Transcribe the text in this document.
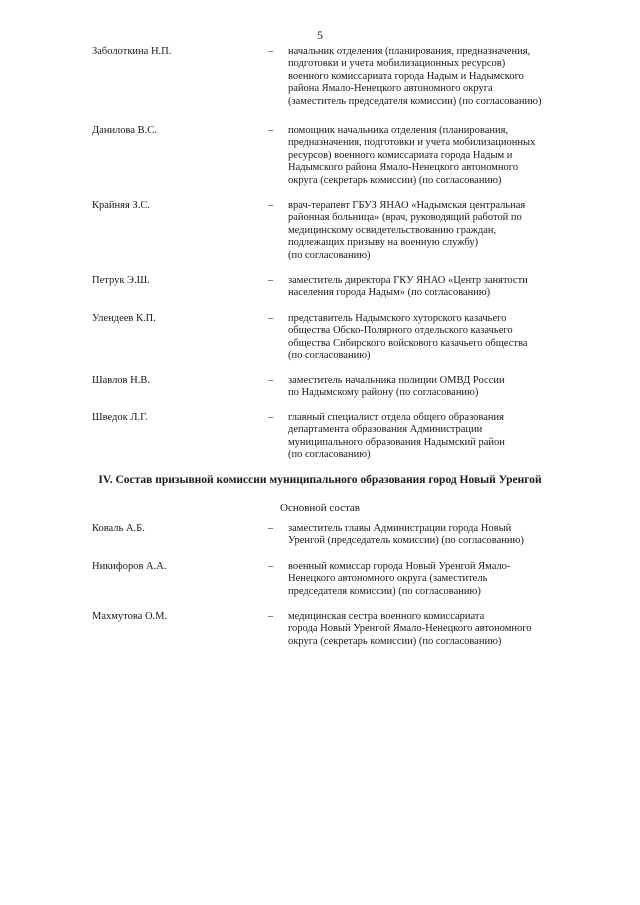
5
Заболоткина Н.П.	–	начальник отделения (планирования, предназначения,
подготовки и учета мобилизационных ресурсов)
военного комиссариата города Надым и Надымского
района Ямало-Ненецкого автономного округа
(заместитель председателя комиссии) (по согласованию)
Данилова В.С.	–	помощник начальника отделения (планирования,
предназначения, подготовки и учета мобилизационных
ресурсов) военного комиссариата города Надым и
Надымского района Ямало-Ненецкого автономного
округа (секретарь комиссии) (по согласованию)
Крайняя З.С.	–	врач-терапевт ГБУЗ ЯНАО «Надымская центральная
районная больница» (врач, руководящий работой по
медицинскому освидетельствованию граждан,
подлежащих призыву на военную службу)
(по согласованию)
Петрук Э.Ш.	–	заместитель директора ГКУ ЯНАО «Центр занятости
населения города Надым» (по согласованию)
Улендеев К.П.	–	представитель Надымского хуторского казачьего
общества Обско-Полярного отдельского казачьего
общества Сибирского войскового казачьего общества
(по согласованию)
Шавлов Н.В.	–	заместитель начальника полиции ОМВД России
по Надымскому району (по согласованию)
Шведок Л.Г.	–	главный специалист отдела общего образования
департамента образования Администрации
муниципального образования Надымский район
(по согласованию)
IV. Состав призывной комиссии муниципального образования город Новый Уренгой
Основной состав
Коваль А.Б.	–	заместитель главы Администрации города Новый
Уренгой (председатель комиссии) (по согласованию)
Никифоров А.А.	–	военный комиссар города Новый Уренгой Ямало-
Ненецкого автономного округа (заместитель
председателя комиссии) (по согласованию)
Махмутова О.М.	–	медицинская сестра военного комиссариата
города Новый Уренгой Ямало-Ненецкого автономного
округа (секретарь комиссии) (по согласованию)
